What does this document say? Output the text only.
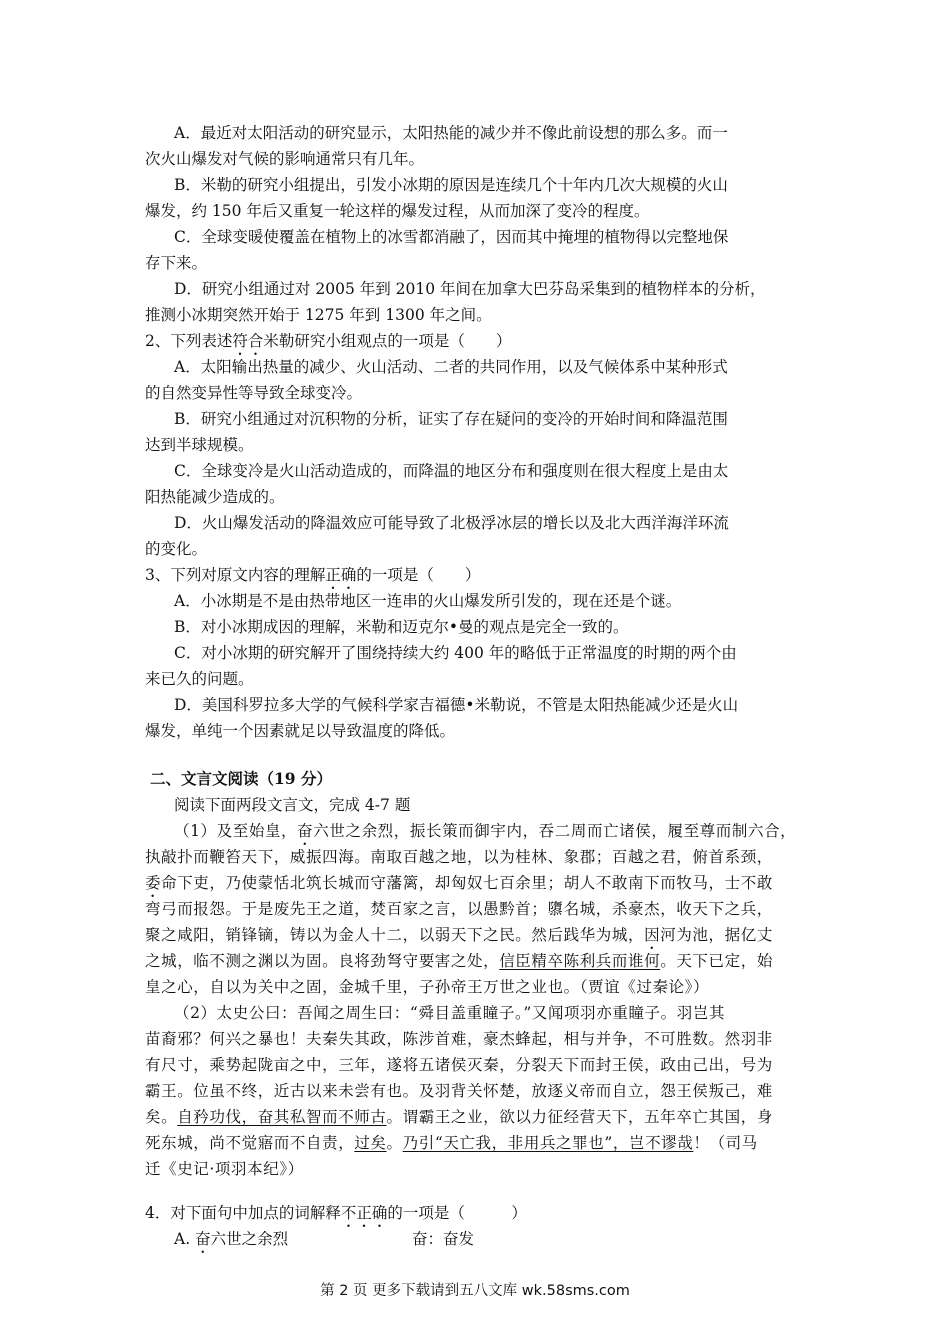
A．最近对太阳活动的研究显示，太阳热能的减少并不像此前设想的那么多。而一
次火山爆发对气候的影响通常只有几年。
B．米勒的研究小组提出，引发小冰期的原因是连续几个十年内几次大规模的火山
爆发，约 150 年后又重复一轮这样的爆发过程，从而加深了变冷的程度。
C．全球变暖使覆盖在植物上的冰雪都消融了，因而其中掩埋的植物得以完整地保
存下来。
D．研究小组通过对 2005 年到 2010 年间在加拿大巴芬岛采集到的植物样本的分析，
推测小冰期突然开始于 1275 年到 1300 年之间。
2、下列表述符合米勒研究小组观点的一项是（　　）
A．太阳输出热量的减少、火山活动、二者的共同作用，以及气候体系中某种形式
的自然变异性等导致全球变冷。
B．研究小组通过对沉积物的分析，证实了存在疑问的变冷的开始时间和降温范围
达到半球规模。
C．全球变冷是火山活动造成的，而降温的地区分布和强度则在很大程度上是由太
阳热能减少造成的。
D．火山爆发活动的降温效应可能导致了北极浮冰层的增长以及北大西洋海洋环流
的变化。
3、下列对原文内容的理解正确的一项是（　　）
A．小冰期是不是由热带地区一连串的火山爆发所引发的，现在还是个谜。
B．对小冰期成因的理解，米勒和迈克尔•曼的观点是完全一致的。
C．对小冰期的研究解开了围绕持续大约 400 年的略低于正常温度的时期的两个由
来已久的问题。
D．美国科罗拉多大学的气候科学家吉福德•米勒说，不管是太阳热能减少还是火山
爆发，单纯一个因素就足以导致温度的降低。
二、文言文阅读（19 分）
阅读下面两段文言文，完成 4-7 题
（1）及至始皇，奋六世之余烈，振长策而御宇内，吞二周而亡诸侯，履至尊而制六合，
执敲扑而鞭笞天下，威振四海。南取百越之地，以为桂林、象郡；百越之君，俯首系颈，
委命下吏，乃使蒙恬北筑长城而守藩篱，却匈奴七百余里；胡人不敢南下而牧马，士不敢
弯弓而报怨。于是废先王之道，焚百家之言，以愚黔首；隳名城，杀豪杰，收天下之兵，
聚之咸阳，销锋镝，铸以为金人十二，以弱天下之民。然后践华为城，因河为池，据亿丈
之城，临不测之渊以为固。良将劲弩守要害之处，信臣精卒陈利兵而谁何。天下已定，始
皇之心，自以为关中之固，金城千里，子孙帝王万世之业也。（贾谊《过秦论》）
（2）太史公曰：吾闻之周生曰：“舜目盖重瞳子。”又闻项羽亦重瞳子。羽岂其
苗裔邪？何兴之暴也！夫秦失其政，陈涉首难，豪杰蜂起，相与并争，不可胜数。然羽非
有尺寸，乘势起陇亩之中，三年，遂将五诸侯灭秦，分裂天下而封王侯，政由己出，号为
霸王。位虽不终，近古以来未尝有也。及羽背关怀楚，放逐义帝而自立，怨王侯叛己，难
矣。自矜功伐，奋其私智而不师古。谓霸王之业，欲以力征经营天下，五年卒亡其国，身
死东城，尚不觉寤而不自责，过矣。乃引“天亡我，非用兵之罪也”，岂不谬哉！（司马
迁《史记·项羽本纪》）
4．对下面句中加点的词解释不正确的一项是（　　　）
A. 奋六世之余烈	奋：奋发
第 2 页 更多下载请到五八文库 wk.58sms.com
